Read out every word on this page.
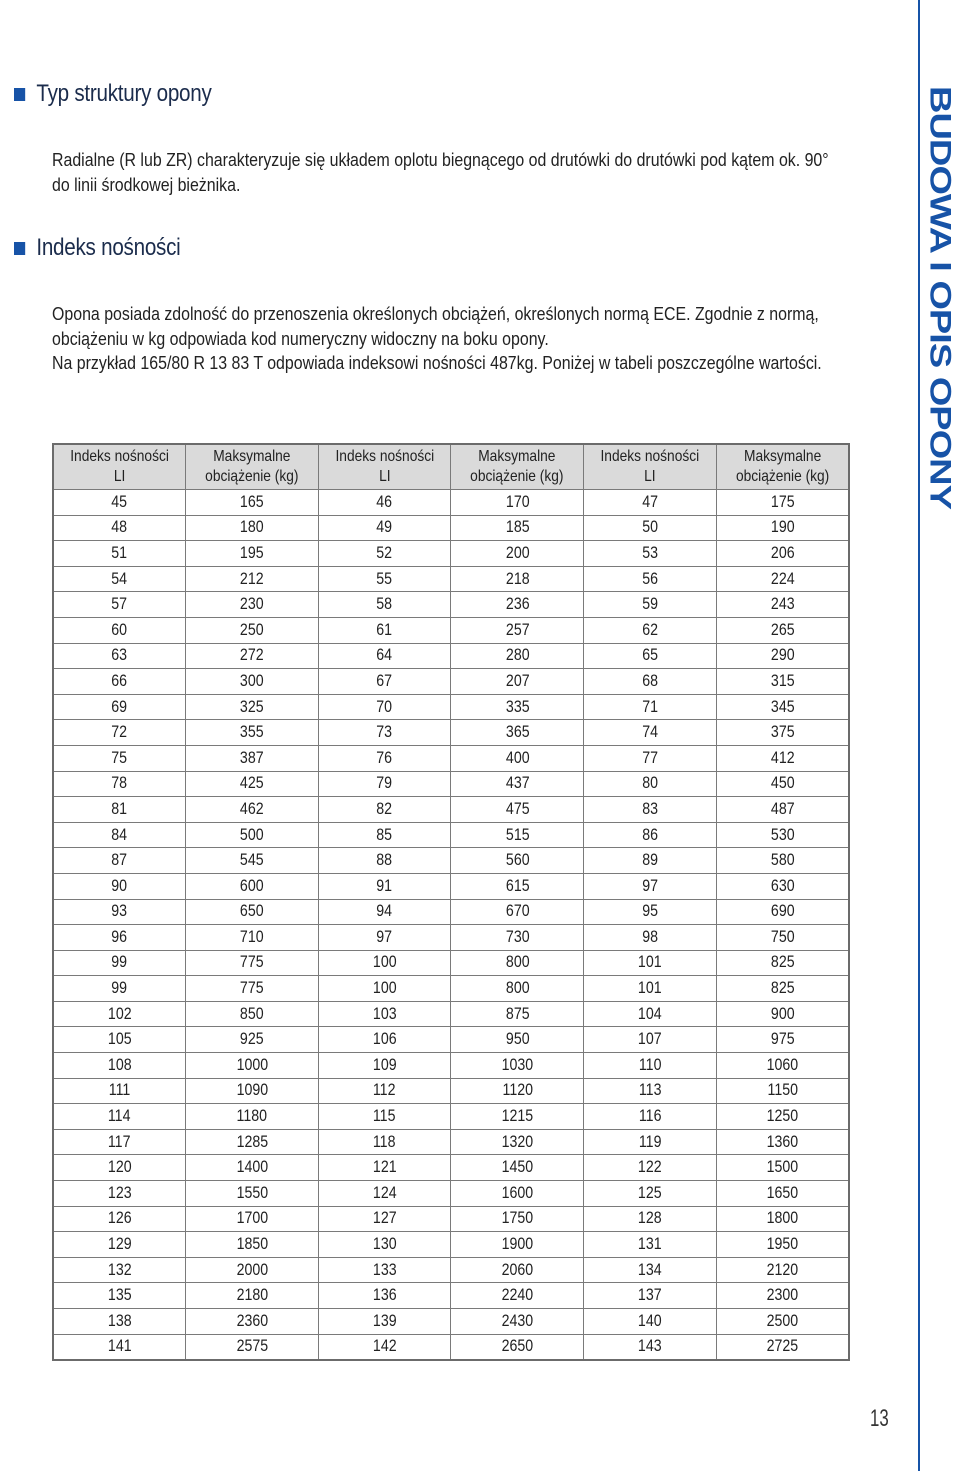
Typ struktury opony

Radialne (R lub ZR) charakteryzuje się układem oplotu biegnącego od drutówki do drutówki pod kątem ok. 90° do linii środkowej bieżnika.

Indeks nośności

Opona posiada zdolność do przenoszenia określonych obciążeń, określonych normą ECE. Zgodnie z normą, obciążeniu w kg odpowiada kod numeryczny widoczny na boku opony.

Na przykład 165/80 R 13 83 T odpowiada indeksowi nośności 487kg. Poniżej w tabeli poszczególne wartości.

Indeks nośności LI	Maksymalne obciążenie (kg)	Indeks nośności LI	Maksymalne obciążenie (kg)	Indeks nośności LI	Maksymalne obciążenie (kg)
45	165	46	170	47	175
48	180	49	185	50	190
51	195	52	200	53	206
54	212	55	218	56	224
57	230	58	236	59	243
60	250	61	257	62	265
63	272	64	280	65	290
66	300	67	207	68	315
69	325	70	335	71	345
72	355	73	365	74	375
75	387	76	400	77	412
78	425	79	437	80	450
81	462	82	475	83	487
84	500	85	515	86	530
87	545	88	560	89	580
90	600	91	615	97	630
93	650	94	670	95	690
96	710	97	730	98	750
99	775	100	800	101	825
99	775	100	800	101	825
102	850	103	875	104	900
105	925	106	950	107	975
108	1000	109	1030	110	1060
111	1090	112	1120	113	1150
114	1180	115	1215	116	1250
117	1285	118	1320	119	1360
120	1400	121	1450	122	1500
123	1550	124	1600	125	1650
126	1700	127	1750	128	1800
129	1850	130	1900	131	1950
132	2000	133	2060	134	2120
135	2180	136	2240	137	2300
138	2360	139	2430	140	2500
141	2575	142	2650	143	2725
BUDOWA I OPIS OPONY
13
